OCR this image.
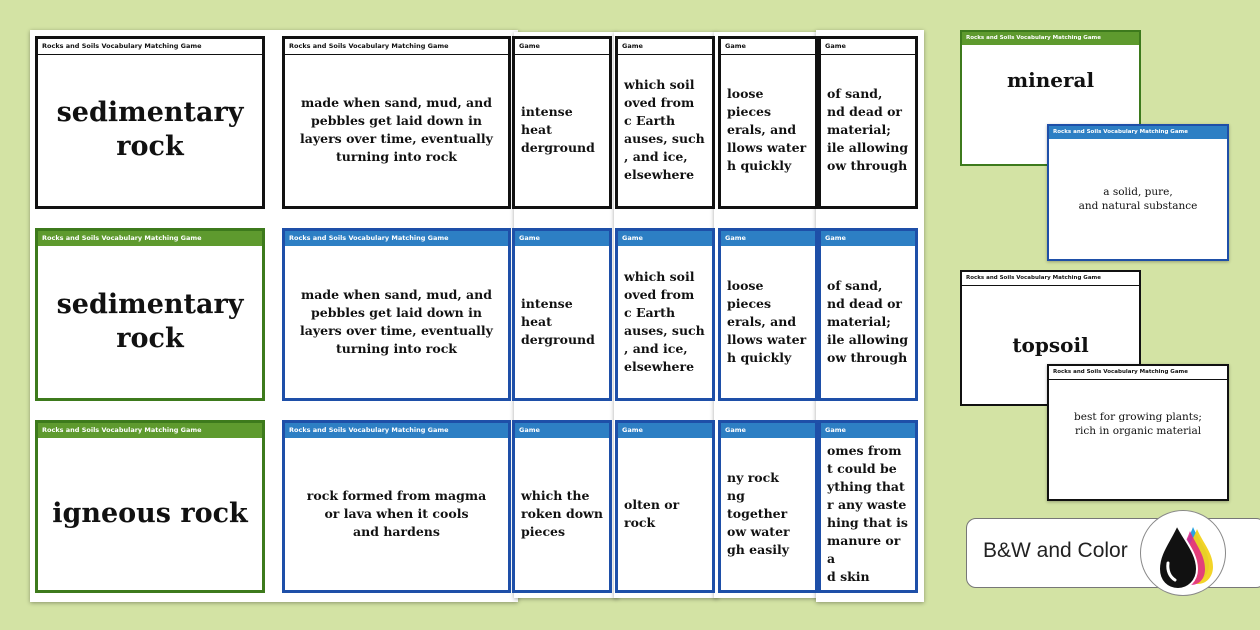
Rocks and Soils Vocabulary Matching Game
sedimentary
rock
Rocks and Soils Vocabulary Matching Game
made when sand, mud, and
pebbles get laid down in
layers over time, eventually
turning into rock
Game
intense heat
derground
Game
which soil
oved from
c Earth
auses, such
, and ice,
elsewhere
Game
loose pieces
erals, and
llows water
h quickly
Game
of sand,
nd dead or
material;
ile allowing
ow through
Rocks and Soils Vocabulary Matching Game
sedimentary
rock
Rocks and Soils Vocabulary Matching Game
made when sand, mud, and
pebbles get laid down in
layers over time, eventually
turning into rock
Game
intense heat
derground
Game
which soil
oved from
c Earth
auses, such
, and ice,
elsewhere
Game
loose pieces
erals, and
llows water
h quickly
Game
of sand,
nd dead or
material;
ile allowing
ow through
Rocks and Soils Vocabulary Matching Game
igneous rock
Rocks and Soils Vocabulary Matching Game
rock formed from magma
or lava when it cools
and hardens
Game
which the
roken down
pieces
Game
olten or
rock
Game
ny rock
ng together
ow water
gh easily
Game
omes from
t could be
ything that
r any waste
hing that is
manure or a
d skin
Rocks and Soils Vocabulary Matching Game
mineral
Rocks and Soils Vocabulary Matching Game
a solid, pure,
and natural substance
Rocks and Soils Vocabulary Matching Game
topsoil
Rocks and Soils Vocabulary Matching Game
best for growing plants;
rich in organic material
B&W and Color
